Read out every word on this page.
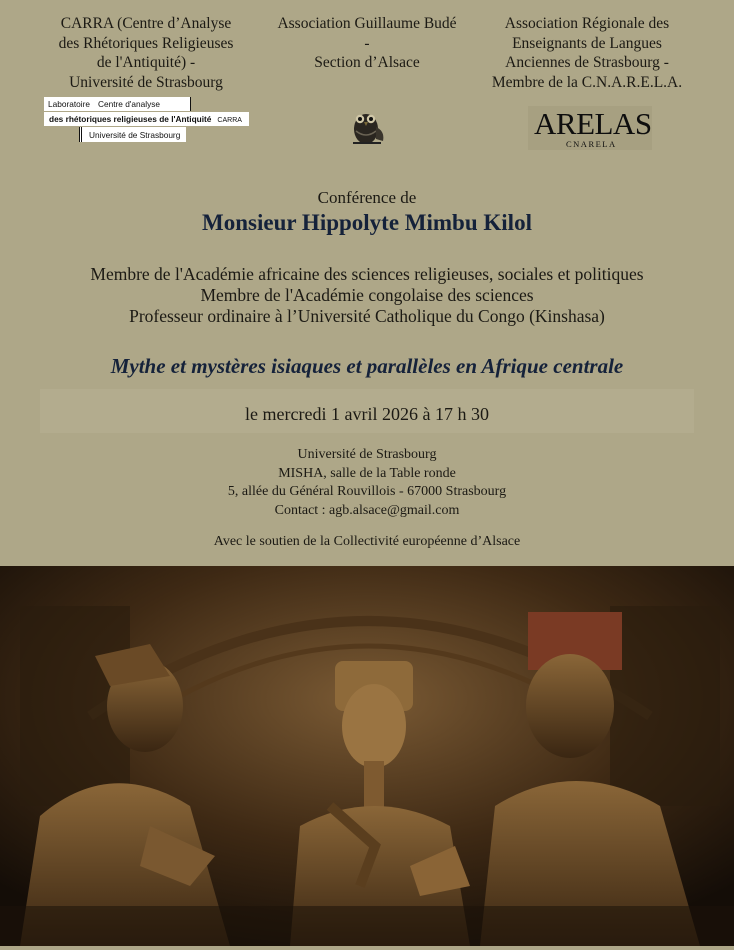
CARRA (Centre d’Analyse
des Rhétoriques Religieuses
de l'Antiquité) -
Université de Strasbourg
Association Guillaume Budé
-
Section d’Alsace
Association Régionale des
Enseignants de Langues
Anciennes de Strasbourg -
Membre de la C.N.A.R.E.L.A.
Laboratoire Centre d'analyse
des rhétoriques religieuses de l'Antiquité CARRA
Université de Strasbourg	ARELAS
CNARELA
Conférence de
Monsieur Hippolyte Mimbu Kilol
Membre de l'Académie africaine des sciences religieuses, sociales et politiques
Membre de l'Académie congolaise des sciences
Professeur ordinaire à l’Université Catholique du Congo (Kinshasa)
Mythe et mystères isiaques et parallèles en Afrique centrale
le mercredi 1 avril 2026 à 17 h 30
Université de Strasbourg
MISHA, salle de la Table ronde
5, allée du Général Rouvillois - 67000 Strasbourg
Contact : agb.alsace@gmail.com
Avec le soutien de la Collectivité européenne d’Alsace
